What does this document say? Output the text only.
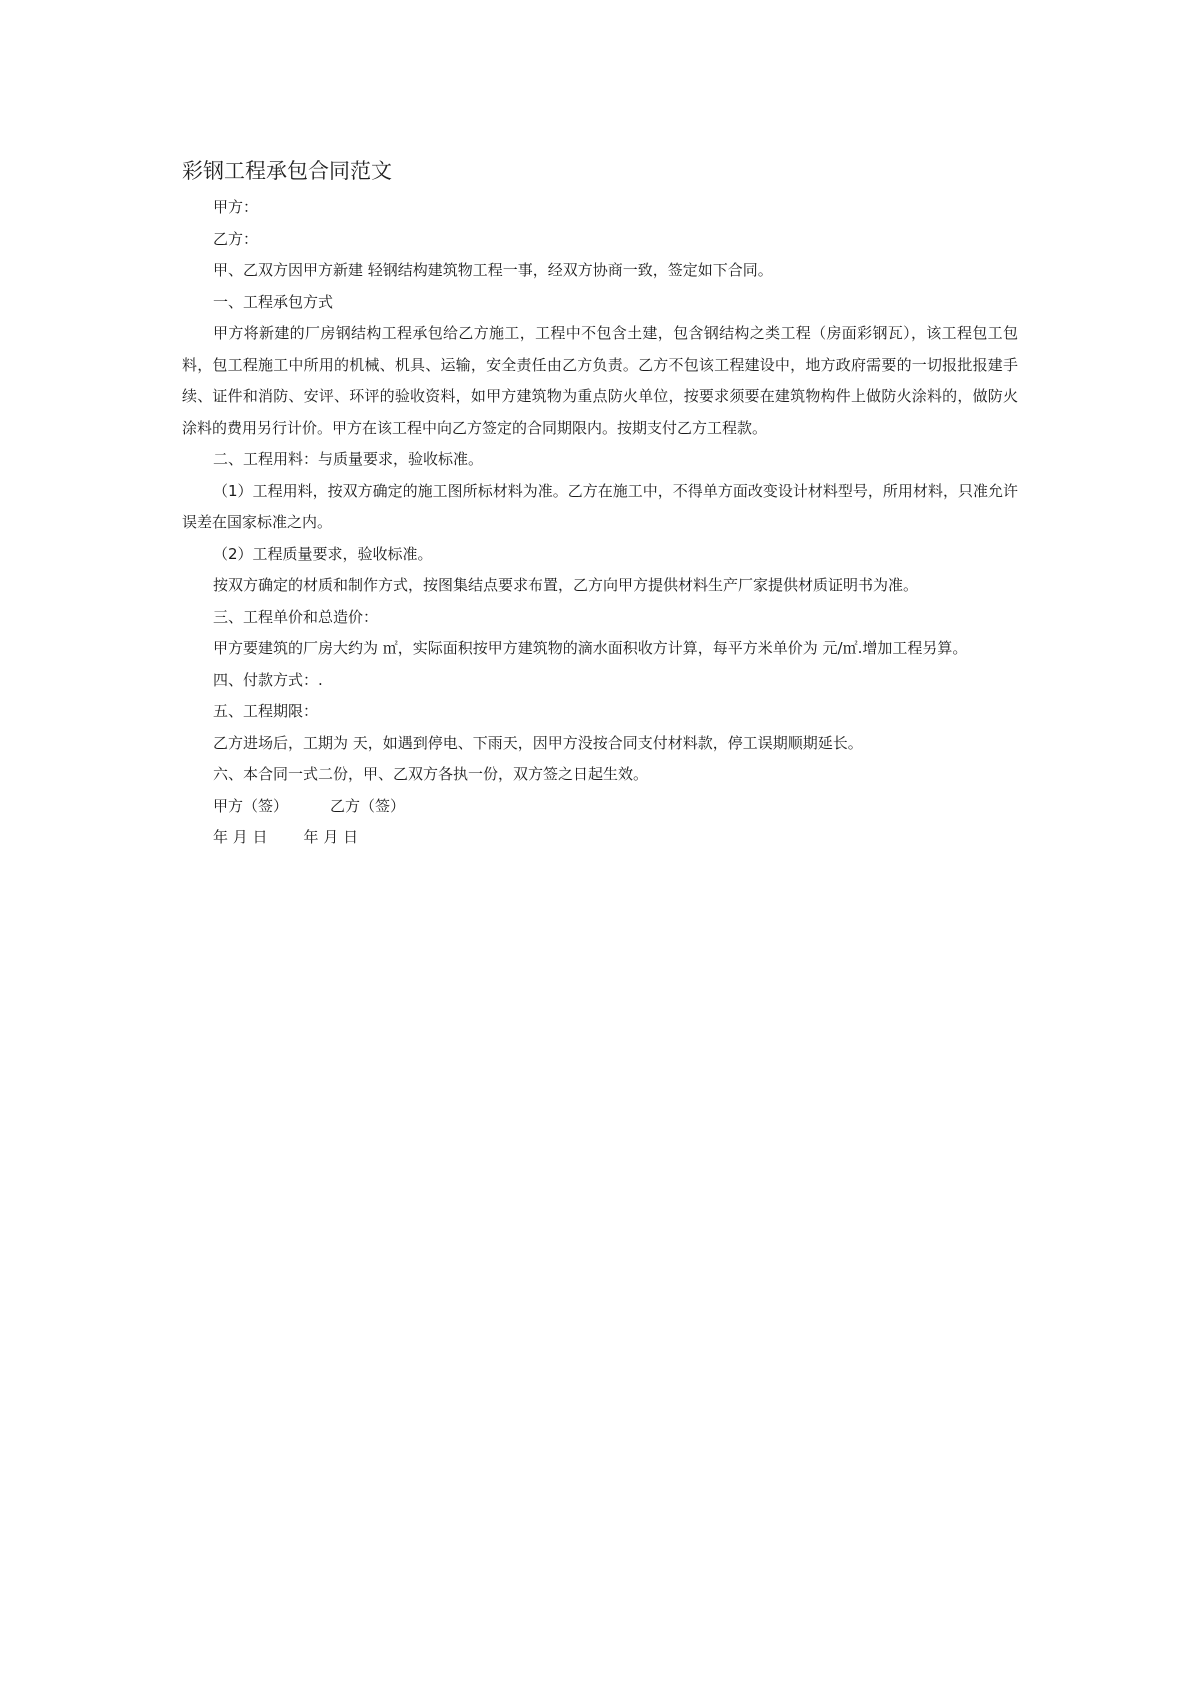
彩钢工程承包合同范文

甲方：

乙方：

甲、乙双方因甲方新建 轻钢结构建筑物工程一事，经双方协商一致，签定如下合同。

一、工程承包方式

甲方将新建的厂房钢结构工程承包给乙方施工，工程中不包含土建，包含钢结构之类工程（房面彩钢瓦），该工程包工包料，包工程施工中所用的机械、机具、运输，安全责任由乙方负责。乙方不包该工程建设中，地方政府需要的一切报批报建手续、证件和消防、安评、环评的验收资料，如甲方建筑物为重点防火单位，按要求须要在建筑物构件上做防火涂料的，做防火涂料的费用另行计价。甲方在该工程中向乙方签定的合同期限内。按期支付乙方工程款。

二、工程用料：与质量要求，验收标准。

（1）工程用料，按双方确定的施工图所标材料为准。乙方在施工中，不得单方面改变设计材料型号，所用材料，只准允许误差在国家标准之内。

（2）工程质量要求，验收标准。

按双方确定的材质和制作方式，按图集结点要求布置，乙方向甲方提供材料生产厂家提供材质证明书为准。

三、工程单价和总造价：

甲方要建筑的厂房大约为 ㎡，实际面积按甲方建筑物的滴水面积收方计算，每平方米单价为 元/㎡.增加工程另算。

四、付款方式：.

五、工程期限：

乙方进场后，工期为 天，如遇到停电、下雨天，因甲方没按合同支付材料款，停工误期顺期延长。

六、本合同一式二份，甲、乙双方各执一份，双方签之日起生效。

甲方（签）	乙方（签）

年 月 日 年 月 日
